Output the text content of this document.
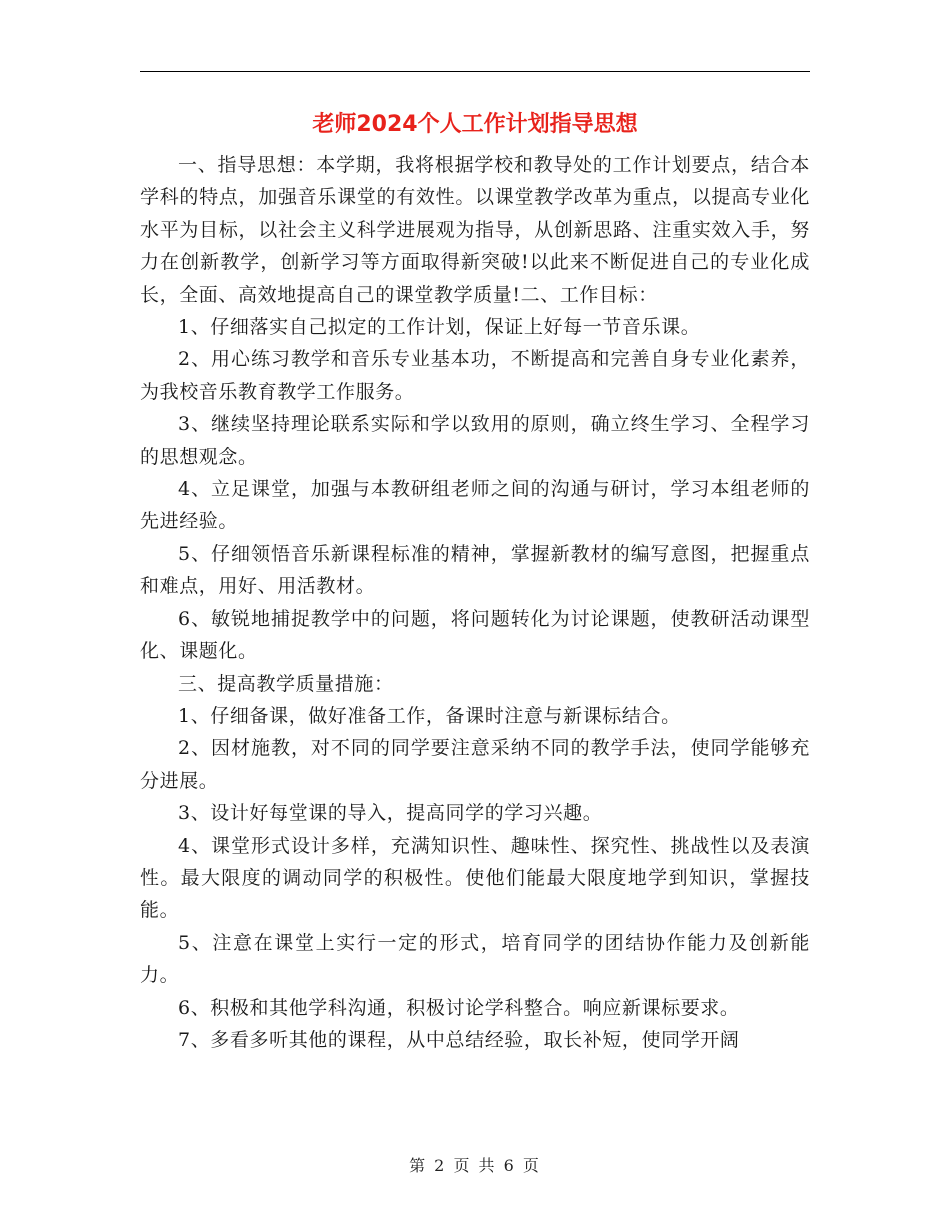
老师2024个人工作计划指导思想

一、指导思想：本学期，我将根据学校和教导处的工作计划要点，结合本学科的特点，加强音乐课堂的有效性。以课堂教学改革为重点，以提高专业化水平为目标，以社会主义科学进展观为指导，从创新思路、注重实效入手，努力在创新教学，创新学习等方面取得新突破!以此来不断促进自己的专业化成长，全面、高效地提高自己的课堂教学质量!二、工作目标：

1、仔细落实自己拟定的工作计划，保证上好每一节音乐课。

2、用心练习教学和音乐专业基本功，不断提高和完善自身专业化素养，为我校音乐教育教学工作服务。

3、继续坚持理论联系实际和学以致用的原则，确立终生学习、全程学习的思想观念。

4、立足课堂，加强与本教研组老师之间的沟通与研讨，学习本组老师的先进经验。

5、仔细领悟音乐新课程标准的精神，掌握新教材的编写意图，把握重点和难点，用好、用活教材。

6、敏锐地捕捉教学中的问题，将问题转化为讨论课题，使教研活动课型化、课题化。

三、提高教学质量措施：

1、仔细备课，做好准备工作，备课时注意与新课标结合。

2、因材施教，对不同的同学要注意采纳不同的教学手法，使同学能够充分进展。

3、设计好每堂课的导入，提高同学的学习兴趣。

4、课堂形式设计多样，充满知识性、趣味性、探究性、挑战性以及表演性。最大限度的调动同学的积极性。使他们能最大限度地学到知识，掌握技能。

5、注意在课堂上实行一定的形式，培育同学的团结协作能力及创新能力。

6、积极和其他学科沟通，积极讨论学科整合。响应新课标要求。

7、多看多听其他的课程，从中总结经验，取长补短，使同学开阔

第 2 页 共 6 页
